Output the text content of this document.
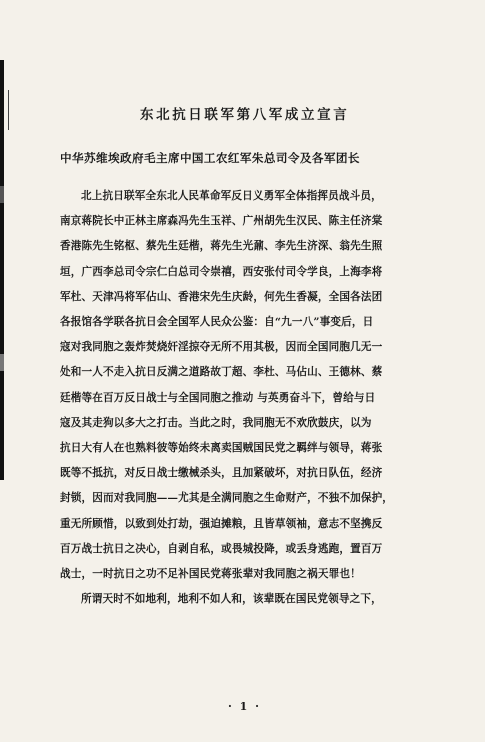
东北抗日联军第八军成立宣言
中华苏维埃政府毛主席中国工农红军朱总司令及各军团长
北上抗日联军全东北人民革命军反日义勇军全体指挥员战斗员，
南京蒋院长中正林主席森冯先生玉祥、广州胡先生汉民、陈主任济棠
香港陈先生铭枢、蔡先生廷楷，蒋先生光鼐、李先生济深、翁先生照
垣，广西李总司令宗仁白总司令崇禧，西安张付司令学良，上海李将
军杜、天津冯将军佔山、香港宋先生庆龄，何先生香凝，全国各法团
各报馆各学联各抗日会全国军人民众公鉴：自“九一八”事变后，日
寇对我同胞之轰炸焚烧奸淫掠夺无所不用其极，因而全国同胞几无一
处和一人不走入抗日反满之道路故丁超、李杜、马佔山、王德林、蔡
廷楷等在百万反日战士与全国同胞之推动 与英勇奋斗下，曾给与日
寇及其走狗以多大之打击。当此之时，我同胞无不欢欣鼓庆，以为
抗日大有人在也熟料彼等始终未离卖国贼国民党之羁绊与领导，蒋张
既等不抵抗，对反日战士缴械杀头，且加紧破坏，对抗日队伍，经济
封锁，因而对我同胞——尤其是全满同胞之生命财产，不独不加保护，
重无所顾惜，以致到处打劫，强迫摊粮，且皆草领袖，意志不坚携反
百万战士抗日之决心，自剥自私，或畏城投降，或丢身逃跑，置百万
战士，一时抗日之功不足补国民党蒋张辈对我同胞之祸天罪也！
所谓天时不如地利，地利不如人和，该辈既在国民党领导之下，
· 1 ·
